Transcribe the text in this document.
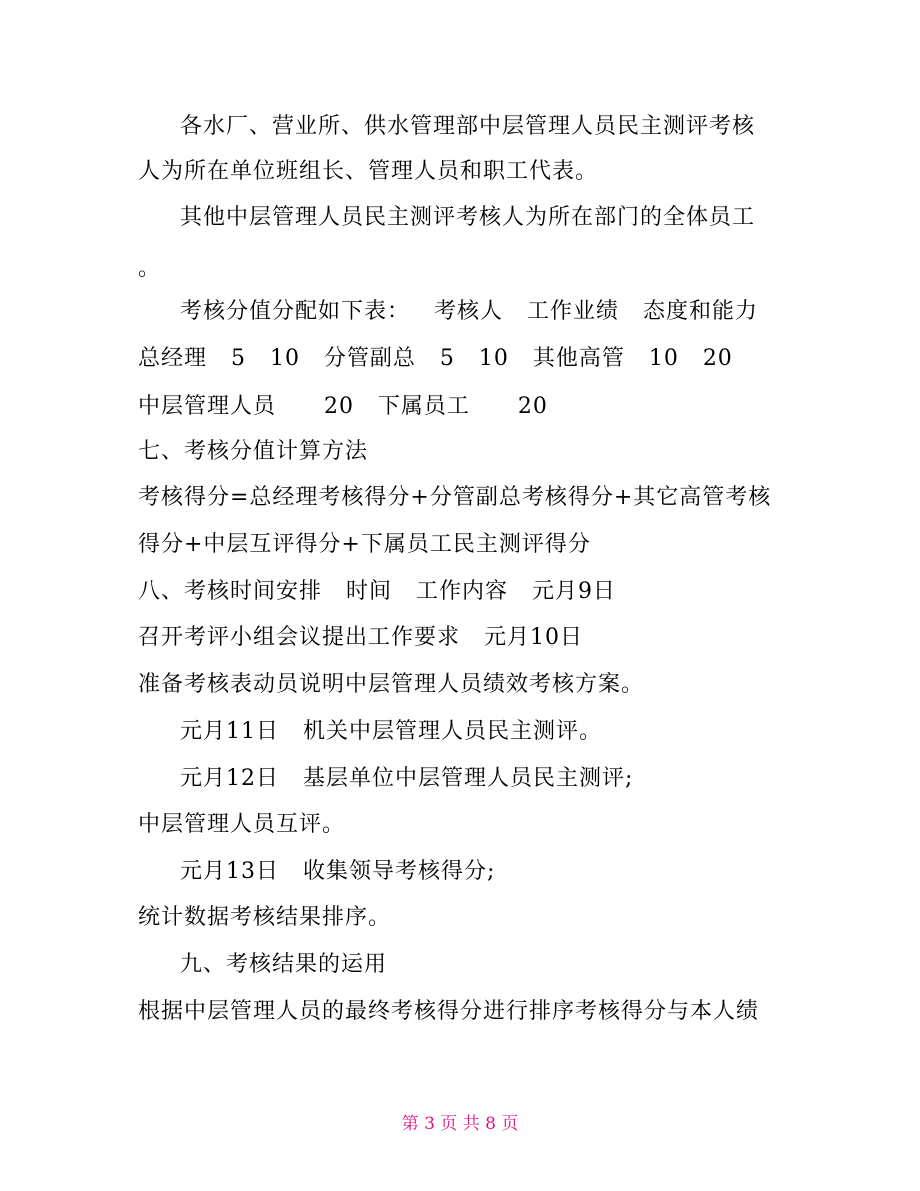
各水厂、营业所、供水管理部中层管理人员民主测评考核
人为所在单位班组长、管理人员和职工代表。
其他中层管理人员民主测评考核人为所在部门的全体员工
。
考核分值分配如下表：   考核人   工作业绩   态度和能力
总经理   5   10   分管副总   5   10   其他高管   10   20
中层管理人员      20   下属员工      20
七、考核分值计算方法
考核得分=总经理考核得分+分管副总考核得分+其它高管考核
得分+中层互评得分+下属员工民主测评得分
八、考核时间安排   时间   工作内容   元月9日
召开考评小组会议提出工作要求   元月10日
准备考核表动员说明中层管理人员绩效考核方案。
元月11日   机关中层管理人员民主测评。
元月12日   基层单位中层管理人员民主测评;
中层管理人员互评。
元月13日   收集领导考核得分;
统计数据考核结果排序。
九、考核结果的运用
根据中层管理人员的最终考核得分进行排序考核得分与本人绩
第 3 页 共 8 页
